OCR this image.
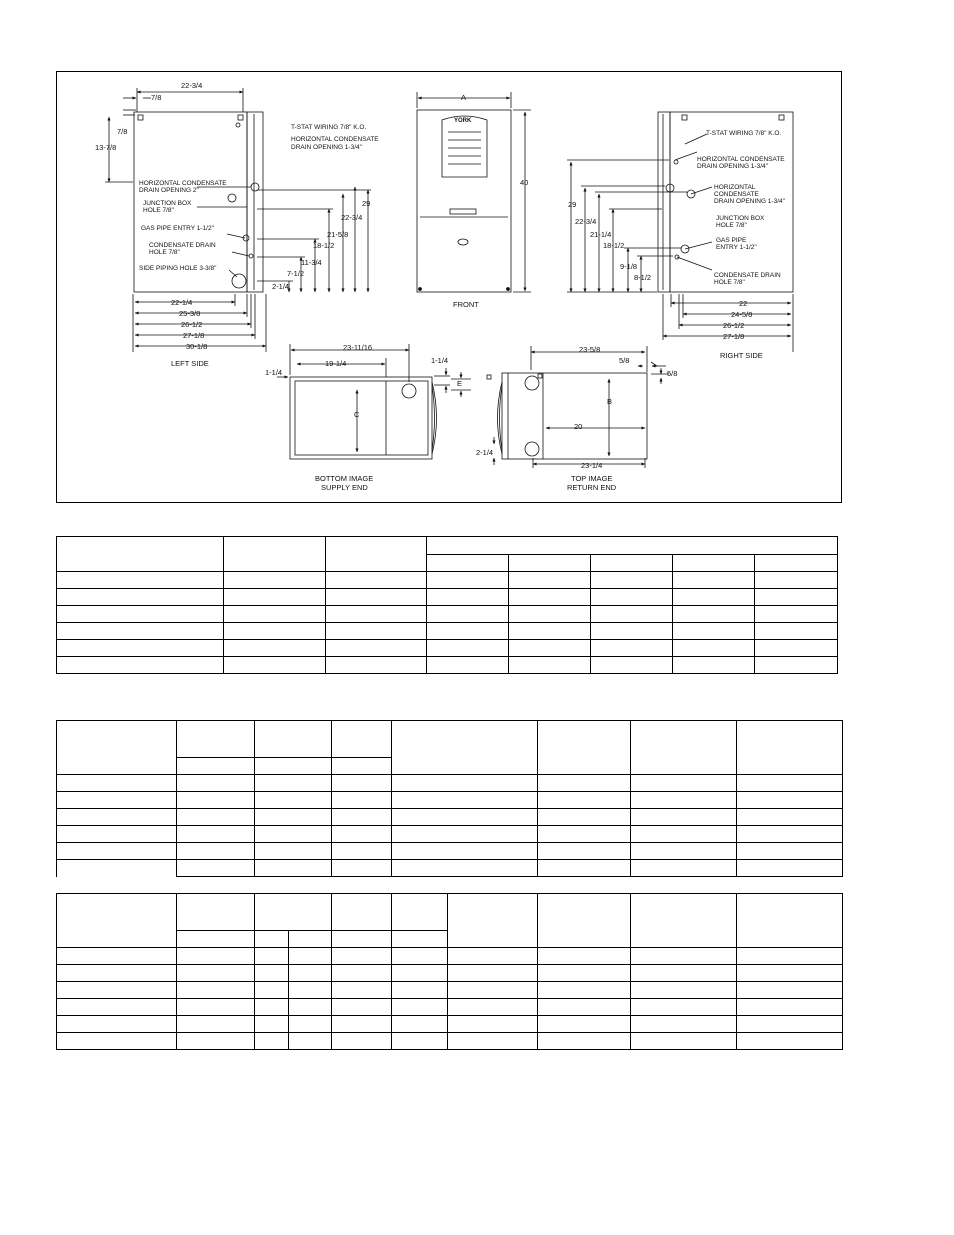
22-3/4
7/8
7/8
13-7/8
HORIZONTAL CONDENSATE
DRAIN OPENING 2"
JUNCTION BOX
HOLE 7/8"
GAS PIPE ENTRY 1-1/2"
CONDENSATE DRAIN
HOLE 7/8"
SIDE PIPING HOLE 3-3/8"
T-STAT WIRING 7/8" K.O.
HORIZONTAL CONDENSATE
DRAIN OPENING 1-3/4"
29
22-3/4
21-5/8
18-1/2
11-3/4
7-1/2
2-1/4
22-1/4
25-3/8
26-1/2
27-1/8
30-1/8
LEFT SIDE
A
40
FRONT
YORK
T-STAT WIRING 7/8" K.O.
HORIZONTAL CONDENSATE
DRAIN OPENING 1-3/4"
HORIZONTAL
CONDENSATE
DRAIN OPENING 1-3/4"
JUNCTION BOX
HOLE 7/8"
GAS PIPE
ENTRY 1-1/2"
CONDENSATE DRAIN
HOLE 7/8"
29
22-3/4
21-1/4
18-1/2
9-1/8
8-1/2
22
24-5/8
26-1/2
27-1/8
RIGHT SIDE
23-11/16
19-1/4
1-1/4
1-1/4
C
E
BOTTOM IMAGE
SUPPLY END
23-5/8
5/8
5/8
B
20
2-1/4
23-1/4
TOP IMAGE
RETURN END
